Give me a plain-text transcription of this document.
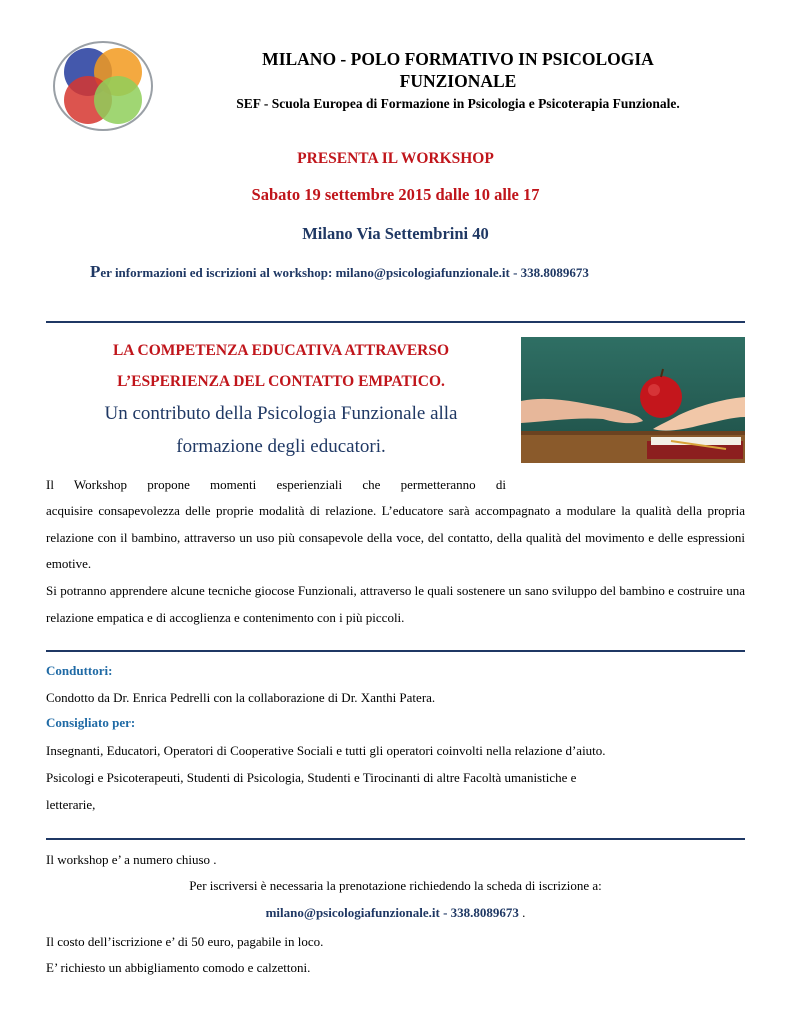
MILANO - POLO FORMATIVO IN PSICOLOGIA
FUNZIONALE
SEF - Scuola Europea di Formazione in Psicologia e Psicoterapia Funzionale.
PRESENTA IL WORKSHOP
Sabato 19 settembre 2015 dalle 10 alle 17
Milano Via Settembrini 40
Per informazioni ed iscrizioni al workshop: milano@psicologiafunzionale.it - 338.8089673
LA COMPETENZA EDUCATIVA ATTRAVERSO
L’ESPERIENZA DEL CONTATTO EMPATICO.
Un contributo della Psicologia Funzionale alla
formazione degli educatori.
Il Workshop propone momenti esperienziali che permetteranno di
acquisire consapevolezza delle proprie modalità di relazione. L’educatore sarà accompagnato a modulare la qualità della propria relazione con il bambino, attraverso un uso più consapevole della voce, del contatto, della qualità del movimento e delle espressioni emotive.
Si potranno apprendere alcune tecniche giocose Funzionali, attraverso le quali sostenere un sano sviluppo del bambino e costruire una relazione empatica e di accoglienza e contenimento con i più piccoli.
Conduttori:
Condotto da Dr. Enrica Pedrelli con la collaborazione di Dr. Xanthi Patera.
Consigliato per:
Insegnanti, Educatori, Operatori di Cooperative Sociali e tutti gli operatori coinvolti nella relazione d’aiuto.
Psicologi e Psicoterapeuti, Studenti di Psicologia, Studenti e Tirocinanti di altre Facoltà umanistiche e
letterarie,
Il workshop e’ a numero chiuso .
Per iscriversi è necessaria la prenotazione richiedendo la scheda di iscrizione a:
milano@psicologiafunzionale.it - 338.8089673 .
Il costo dell’iscrizione e’ di 50 euro, pagabile in loco.
E’ richiesto un abbigliamento comodo e calzettoni.
